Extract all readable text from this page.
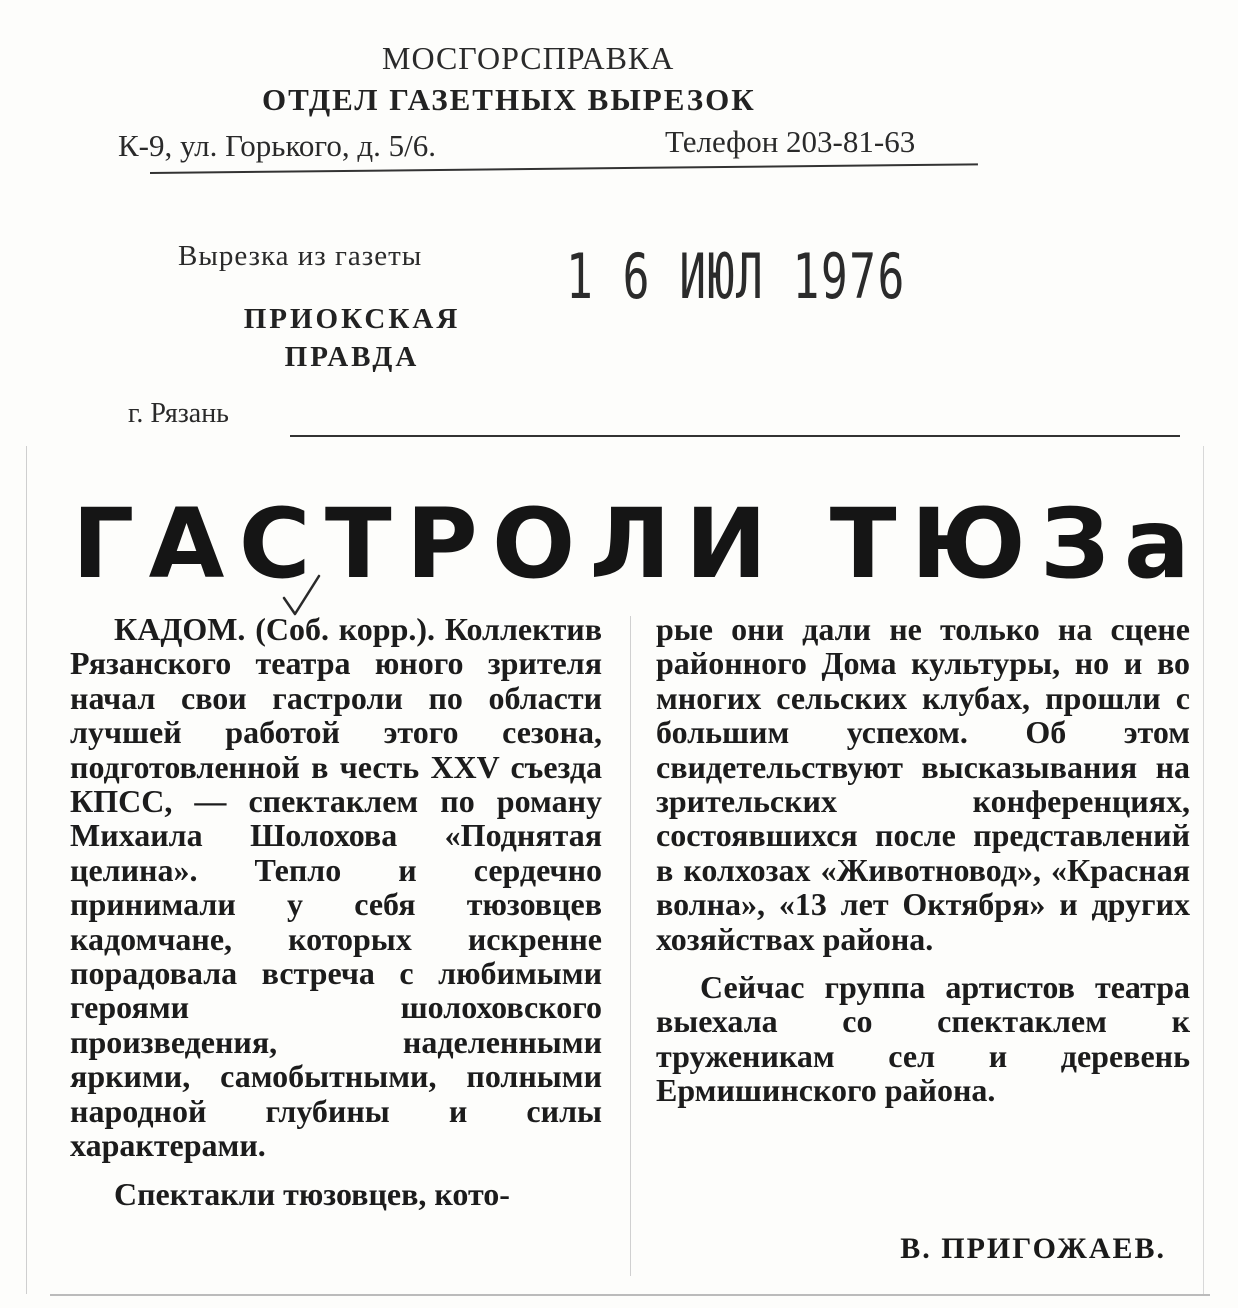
МОСГОРСПРАВКА
ОТДЕЛ ГАЗЕТНЫХ ВЫРЕЗОК
К-9, ул. Горького, д. 5/6.	Телефон 203-81-63
Вырезка из газеты
ПРИОКСКАЯ ПРАВДА
1 6 ИЮЛ 1976
г. Рязань
ГАСТРОЛИ ТЮЗа

КАДОМ. (Соб. корр.). Коллектив Рязанского театра юного зрителя начал свои гастроли по области лучшей работой этого сезона, подготовленной в честь XXV съезда КПСС, — спектаклем по роману Михаила Шолохова «Поднятая целина». Тепло и сердечно принимали у себя тюзовцев кадомчане, которых искренне порадовала встреча с любимыми героями шолоховского произведения, наделенными яркими, самобытными, полными народной глубины и силы характерами.

Спектакли тюзовцев, кото-

рые они дали не только на сцене районного Дома культуры, но и во многих сельских клубах, прошли с большим успехом. Об этом свидетельствуют высказывания на зрительских конференциях, состоявшихся после представлений в колхозах «Животновод», «Красная волна», «13 лет Октября» и других хозяйствах района.

Сейчас группа артистов театра выехала со спектаклем к труженикам сел и деревень Ермишинского района.

В. ПРИГОЖАЕВ.
